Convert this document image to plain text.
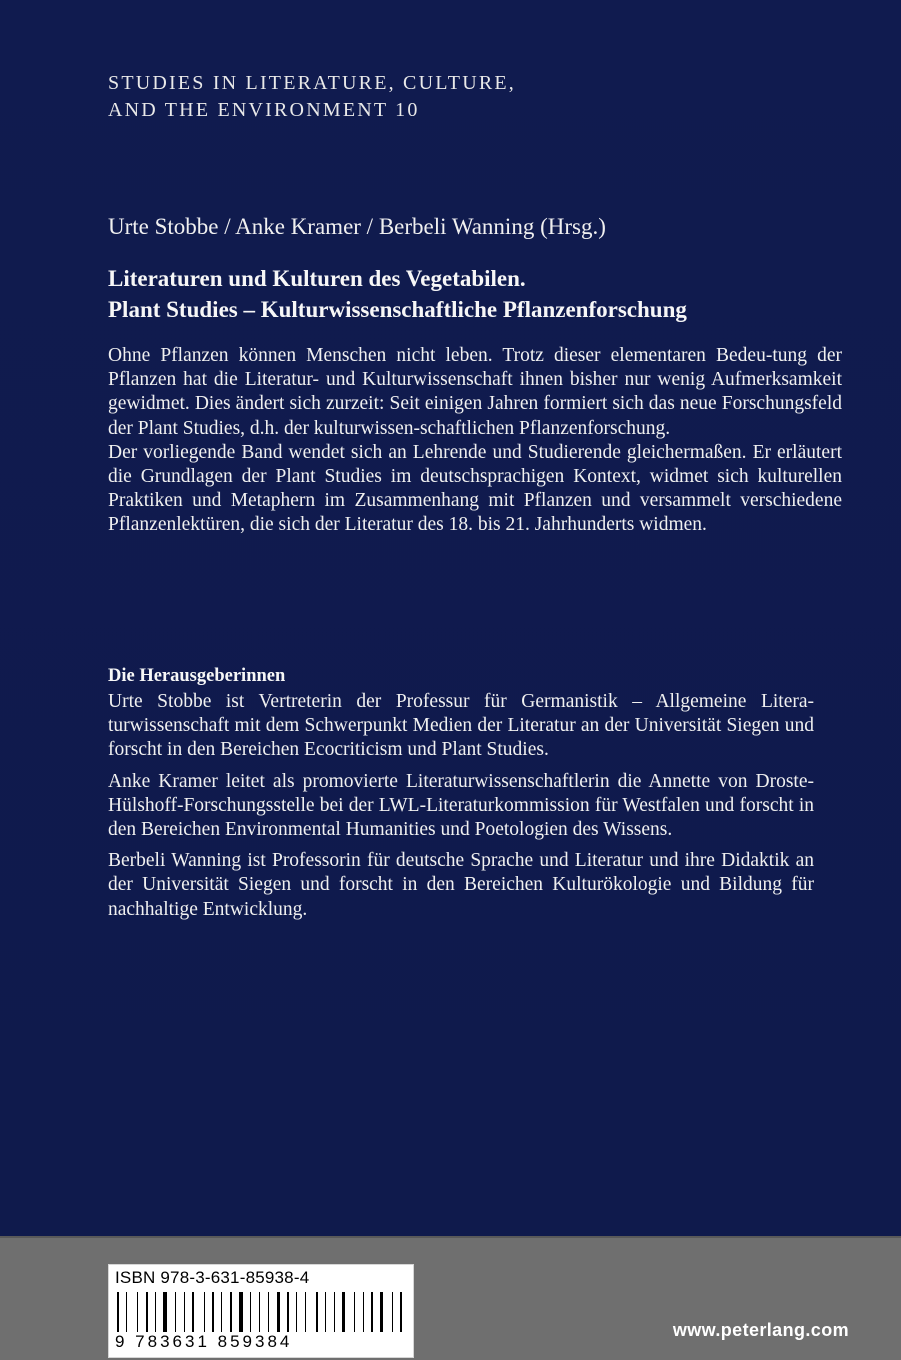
STUDIES IN LITERATURE, CULTURE,
AND THE ENVIRONMENT 10
Urte Stobbe / Anke Kramer / Berbeli Wanning (Hrsg.)
Literaturen und Kulturen des Vegetabilen.
Plant Studies – Kulturwissenschaftliche Pflanzenforschung

Ohne Pflanzen können Menschen nicht leben. Trotz dieser elementaren Bedeu-tung der Pflanzen hat die Literatur- und Kulturwissenschaft ihnen bisher nur wenig Aufmerksamkeit gewidmet. Dies ändert sich zurzeit: Seit einigen Jahren formiert sich das neue Forschungsfeld der Plant Studies, d.h. der kulturwissen-schaftlichen Pflanzenforschung.

Der vorliegende Band wendet sich an Lehrende und Studierende gleichermaßen. Er erläutert die Grundlagen der Plant Studies im deutschsprachigen Kontext, widmet sich kulturellen Praktiken und Metaphern im Zusammenhang mit Pflanzen und versammelt verschiedene Pflanzenlektüren, die sich der Literatur des 18. bis 21. Jahrhunderts widmen.

Die Herausgeberinnen

Urte Stobbe ist Vertreterin der Professur für Germanistik – Allgemeine Litera-turwissenschaft mit dem Schwerpunkt Medien der Literatur an der Universität Siegen und forscht in den Bereichen Ecocriticism und Plant Studies.

Anke Kramer leitet als promovierte Literaturwissenschaftlerin die Annette von Droste-Hülshoff-Forschungsstelle bei der LWL-Literaturkommission für Westfalen und forscht in den Bereichen Environmental Humanities und Poetologien des Wissens.

Berbeli Wanning ist Professorin für deutsche Sprache und Literatur und ihre Didaktik an der Universität Siegen und forscht in den Bereichen Kulturökologie und Bildung für nachhaltige Entwicklung.

ISBN 978-3-631-85938-4
9 783631 859384
www.peterlang.com
